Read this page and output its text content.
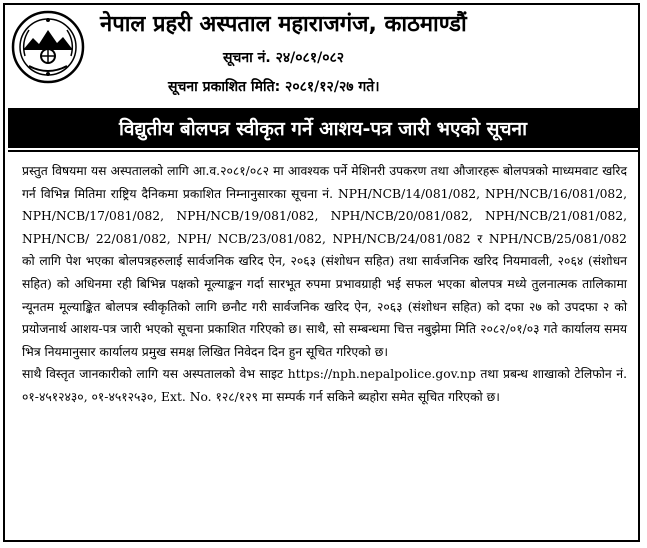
नेपाल प्रहरी अस्पताल महाराजगंज, काठमाण्डौं
सूचना नं. २४/०८१/०८२
सूचना प्रकाशित मिति: २०८१/१२/२७ गते।
विद्युतीय बोलपत्र स्वीकृत गर्ने आशय-पत्र जारी भएको सूचना

प्रस्तुत विषयमा यस अस्पतालको लागि आ.व.२०८१/०८२ मा आवश्यक पर्ने मेशिनरी उपकरण तथा औजारहरू बोलपत्रको माध्यमवाट खरिद गर्न विभिन्न मितिमा राष्ट्रिय दैनिकमा प्रकाशित निम्नानुसारका सूचना नं. NPH/NCB/14/081/082, NPH/NCB/16/081/082, NPH/NCB/17/081/082, NPH/NCB/19/081/082, NPH/NCB/20/081/082, NPH/NCB/21/081/082, NPH/NCB/ 22/081/082, NPH/ NCB/23/081/082, NPH/NCB/24/081/082 र NPH/NCB/25/081/082 को लागि पेश भएका बोलपत्रहरुलाई सार्वजनिक खरिद ऐन, २०६३ (संशोधन सहित) तथा सार्वजनिक खरिद नियमावली, २०६४ (संशोधन सहित) को अधिनमा रही बिभिन्न पक्षको मूल्याङ्कन गर्दा सारभूत रुपमा प्रभावग्राही भई सफल भएका बोलपत्र मध्ये तुलनात्मक तालिकामा न्यूनतम मूल्याङ्कित बोलपत्र स्वीकृतिको लागि छनौट गरी सार्वजनिक खरिद ऐन, २०६३ (संशोधन सहित) को दफा २७ को उपदफा २ को प्रयोजनार्थ आशय-पत्र जारी भएको सूचना प्रकाशित गरिएको छ। साथै, सो सम्बन्धमा चित्त नबुझेमा मिति २०८२/०१/०३ गते कार्यालय समय भित्र नियमानुसार कार्यालय प्रमुख समक्ष लिखित निवेदन दिन हुन सूचित गरिएको छ।

साथै विस्तृत जानकारीको लागि यस अस्पतालको वेभ साइट https://nph.nepalpolice.gov.np तथा प्रबन्ध शाखाको टेलिफोन नं. ०१-४५१२४३०, ०१-४५१२५३०, Ext. No. १२८/१२९ मा सम्पर्क गर्न सकिने ब्यहोरा समेत सूचित गरिएको छ।
